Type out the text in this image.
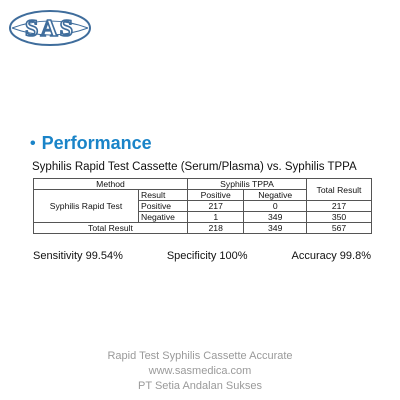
SAS
• Performance
Syphilis Rapid Test Cassette (Serum/Plasma) vs. Syphilis TPPA
Method		Syphilis TPPA		Total Result
Syphilis Rapid Test	Result	Positive	Negative	
	Positive	217	0	217
	Negative	1	349	350
Total Result		218	349	567
Sensitivity 99.54%	Specificity 100%	Accuracy 99.8%
Rapid Test Syphilis Cassette Accurate
www.sasmedica.com
PT Setia Andalan Sukses
